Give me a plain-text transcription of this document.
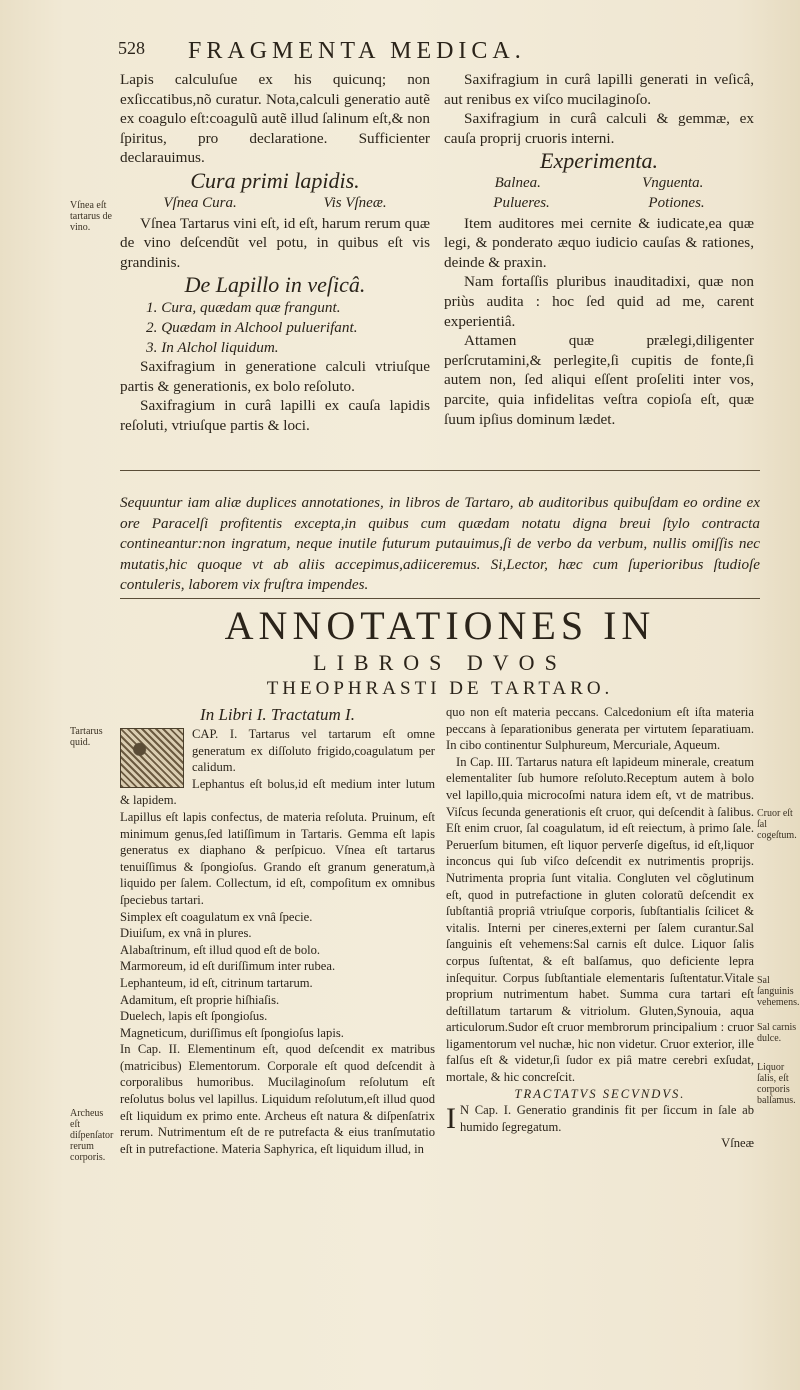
528 FRAGMENTA MEDICA.

Lapis calculuſue ex his quicunq; non exſiccatibus,nõ curatur. Nota,calculi generatio autẽ ex coagulo eſt:coagulũ autẽ illud ſalinum eſt,& non ſpiritus, pro declaratione. Sufficienter declarauimus.

Cura primi lapidis.

Vſnea Cura.	Vis Vſneæ.

Vſnea Tartarus vini eſt, id eſt, harum rerum quæ de vino deſcendũt vel potu, in quibus eſt vis grandinis.

De Lapillo in veſicâ.

1. Cura, quædam quæ frangunt.

2. Quædam in Alchool puluerifant.

3. In Alchol liquidum.

Saxifragium in generatione calculi vtriuſque partis & generationis, ex bolo reſoluto.

Saxifragium in curâ lapilli ex cauſa lapidis reſoluti, vtriuſque partis & loci.

Saxifragium in curâ lapilli generati in veſicâ, aut renibus ex viſco mucilaginoſo.

Saxifragium in curâ calculi & gemmæ, ex cauſa proprij cruoris interni.

Experimenta.

Balnea.	Vnguenta.
Pulueres.	Potiones.

Item auditores mei cernite & iudicate,ea quæ legi, & ponderato æquo iudicio cauſas & rationes, deinde & praxin.

Nam fortaſſis pluribus inauditadixi, quæ non priùs audita : hoc ſed quid ad me, carent experientiâ.

Attamen quæ prælegi,diligenter perſcrutamini,& perlegite,ſi cupitis de fonte,ſi autem non, ſed aliqui eſſent proſeliti inter vos, parcite, quia infidelitas veſtra copioſa eſt, quæ ſuum ipſius dominum lædet.

Vſnea eſt tartarus de vino.
Tartarus quid.
Archeus eſt diſpenſator rerum corporis.
Cruor eſt ſal cogeſtum.
Sal ſanguinis vehemens.
Sal carnis dulce.
Liquor ſalis, eſt corporis balſamus.

Sequuntur iam aliæ duplices annotationes, in libros de Tartaro, ab auditoribus quibuſdam eo ordine ex ore Paracelſi profitentis excepta,in quibus cum quædam notatu digna breui ſtylo contracta contineantur:non ingratum, neque inutile futurum putauimus,ſi de verbo da verbum, nullis omiſſis nec mutatis,hic quoque vt ab aliis accepimus,adiiceremus. Si,Lector, hæc cum ſuperioribus ſtudioſe contuleris, laborem vix fruſtra impendes.

ANNOTATIONES IN
LIBROS DVOS
THEOPHRASTI DE TARTARO.

In Libri I. Tractatum I.

CAP. I. Tartarus vel tartarum eſt omne generatum ex diſſoluto frigido,coagulatum per calidum.

Lephantus eſt bolus,id eſt medium inter lutum & lapidem.

Lapillus eſt lapis confectus, de materia reſoluta. Pruinum, eſt minimum genus,ſed latiſſimum in Tartaris. Gemma eſt lapis generatus ex diaphano & perſpicuo. Vſnea eſt tartarus tenuiſſimus & ſpongioſus. Grando eſt granum generatum,à liquido per ſalem. Collectum, id eſt, compoſitum ex omnibus ſpeciebus tartari.

Simplex eſt coagulatum ex vnâ ſpecie.

Diuiſum, ex vnâ in plures.

Alabaſtrinum, eſt illud quod eſt de bolo.

Marmoreum, id eſt duriſſimum inter rubea.

Lephanteum, id eſt, citrinum tartarum.

Adamitum, eſt proprie hiſhiaſis.

Duelech, lapis eſt ſpongioſus.

Magneticum, duriſſimus eſt ſpongioſus lapis.

In Cap. II. Elementinum eſt, quod deſcendit ex matribus (matricibus) Elementorum. Corporale eſt quod deſcendit à corporalibus humoribus. Mucilaginoſum reſolutum eſt reſolutus bolus vel lapillus. Liquidum reſolutum,eſt illud quod eſt liquidum ex primo ente. Archeus eſt natura & diſpenſatrix rerum. Nutrimentum eſt de re putrefacta & eius tranſmutatio eſt in putrefactione. Materia Saphyrica, eſt liquidum illud, in

quo non eſt materia peccans. Calcedonium eſt iſta materia peccans à ſeparationibus generata per virtutem ſeparatiuam. In cibo continentur Sulphureum, Mercuriale, Aqueum.

In Cap. III. Tartarus natura eſt lapideum minerale, creatum elementaliter ſub humore reſoluto.Receptum autem à bolo vel lapillo,quia microcoſmi natura idem eſt, vt de matribus. Viſcus ſecunda generationis eſt cruor, qui deſcendit à ſalibus. Eſt enim cruor, ſal coagulatum, id eſt reiectum, à primo ſale. Peruerſum bitumen, eſt liquor perverſe digeſtus, id eſt,liquor inconcus qui ſub viſco deſcendit ex nutrimentis proprijs. Nutrimenta propria ſunt vitalia. Congluten vel cõglutinum eſt, quod in putrefactione in gluten coloratũ deſcendit ex ſubſtantiâ propriâ vtriuſque corporis, ſubſtantialis ſcilicet & vitalis. Interni per cineres,externi per ſalem curantur.Sal ſanguinis eſt vehemens:Sal carnis eſt dulce. Liquor ſalis corpus ſuſtentat, & eſt balſamus, quo deficiente lepra inſequitur. Corpus ſubſtantiale elementaris ſuſtentatur.Vitale proprium nutrimentum habet. Summa cura tartari eſt deſtillatum tartarum & vitriolum. Gluten,Synouia, aqua articulorum.Sudor eſt cruor membrorum principalium : cruor ligamentorum vel nuchæ, hic non videtur. Cruor exterior, ille falſus eſt & videtur,ſi ſudor ex piâ matre cerebri exſudat, mortale, & hic concreſcit.

TRACTATVS SECVNDVS.

I N Cap. I. Generatio grandinis fit per ſiccum in ſale ab humido ſegregatum.

Vſneæ
